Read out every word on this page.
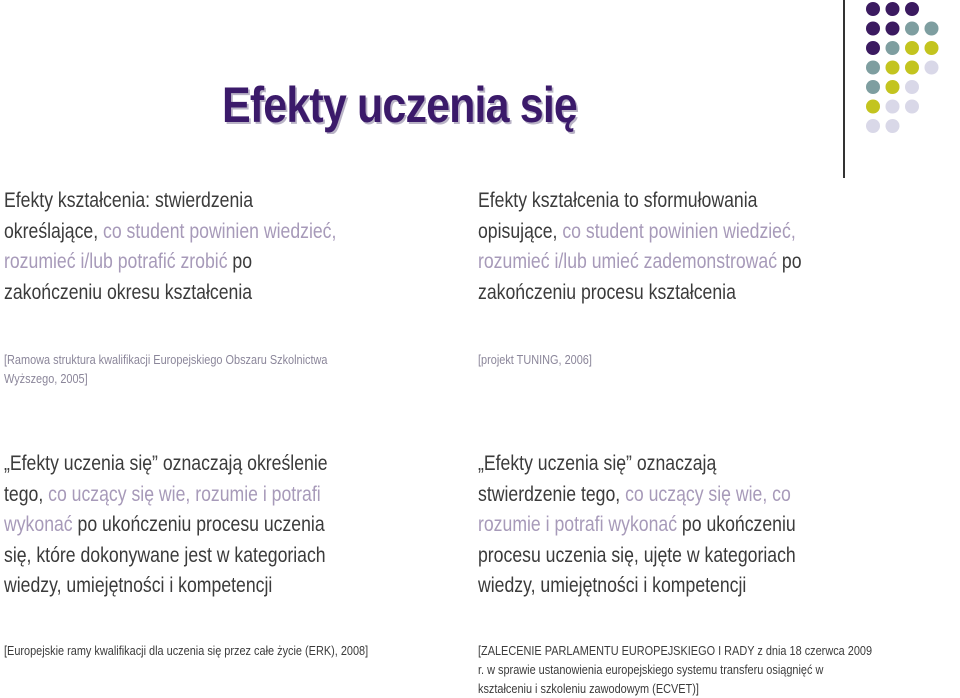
Efekty uczenia się
Efekty kształcenia: stwierdzenia
określające, co student powinien wiedzieć,
rozumieć i/lub potrafić zrobić po
zakończeniu okresu kształcenia
Efekty kształcenia to sformułowania
opisujące, co student powinien wiedzieć,
rozumieć i/lub umieć zademonstrować po
zakończeniu procesu kształcenia
[Ramowa struktura kwalifikacji Europejskiego Obszaru Szkolnictwa
Wyższego, 2005]
[projekt TUNING, 2006]
„Efekty uczenia się” oznaczają określenie
tego, co uczący się wie, rozumie i potrafi
wykonać po ukończeniu procesu uczenia
się, które dokonywane jest w kategoriach
wiedzy, umiejętności i kompetencji
„Efekty uczenia się” oznaczają
stwierdzenie tego, co uczący się wie, co
rozumie i potrafi wykonać po ukończeniu
procesu uczenia się, ujęte w kategoriach
wiedzy, umiejętności i kompetencji
[Europejskie ramy kwalifikacji dla uczenia się przez całe życie (ERK), 2008]	[ZALECENIE PARLAMENTU EUROPEJSKIEGO I RADY z dnia 18 czerwca 2009
r. w sprawie ustanowienia europejskiego systemu transferu osiągnięć w
kształceniu i szkoleniu zawodowym (ECVET)]
